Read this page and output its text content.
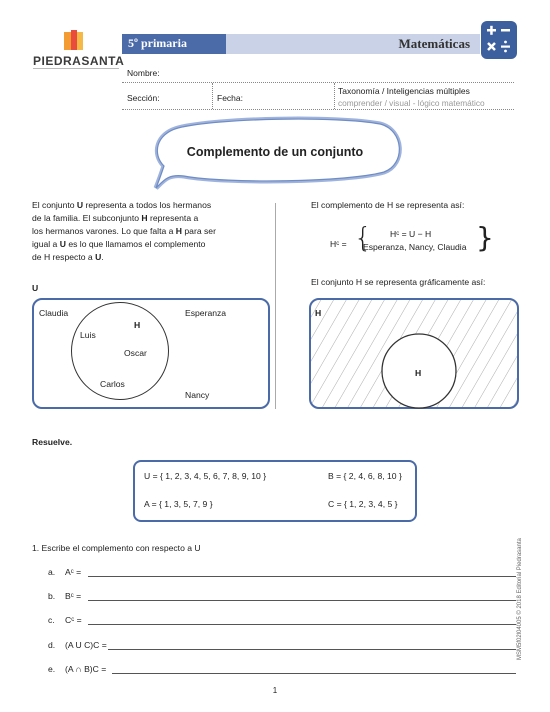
PIEDRASANTA
5º primaria	Matemáticas
Nombre:
Sección:	Fecha:
Taxonomía / Inteligencias múltiples
comprender / visual - lógico matemático
Complemento de un conjunto
El conjunto U representa a todos los hermanos
de la familia. El subconjunto H representa a
los hermanos varones. Lo que falta a H para ser
igual a U es lo que llamamos el complemento
de H respecto a U.
U
Claudia	Esperanza
Nancy
H
Luis
Oscar
Carlos
El complemento de H se representa así:
Hᶜ = { Hᶜ = U − H
Esperanza, Nancy, Claudia }
El conjunto H se representa gráficamente así:
H
H
Resuelve.
U = { 1, 2, 3, 4, 5, 6, 7, 8, 9, 10 }	B = { 2, 4, 6, 8, 10 }
A = { 1, 3, 5, 7, 9 }	C = { 1, 2, 3, 4, 5 }
1. Escribe el complemento con respecto a U
a. Aᶜ =
b. Bᶜ =
c. Cᶜ =
d. (A U C)C =
e. (A ∩ B)C =
MSM5f02l04005 © 2018 Editorial Piedrasanta
1
